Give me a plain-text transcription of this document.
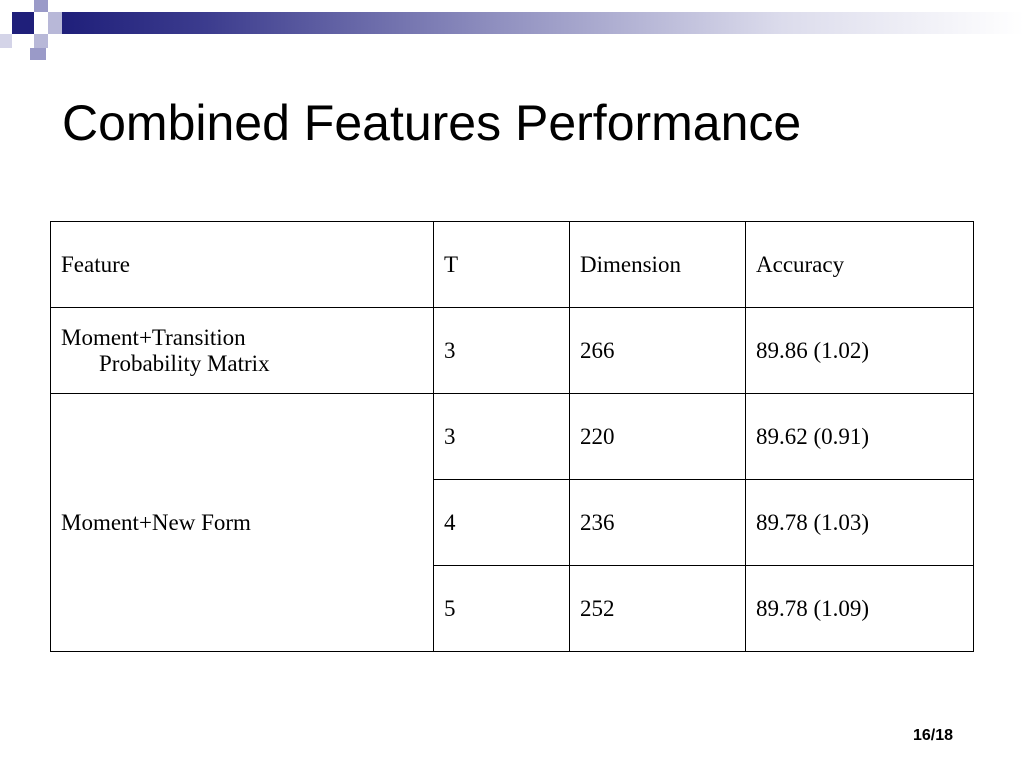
Combined Features Performance
Feature	T	Dimension	Accuracy

Moment+Transition
Probability Matrix	3	266	89.86 (1.02)
Moment+New Form	3	220	89.62 (0.91)
	4	236	89.78 (1.03)
	5	252	89.78 (1.09)
16/18
